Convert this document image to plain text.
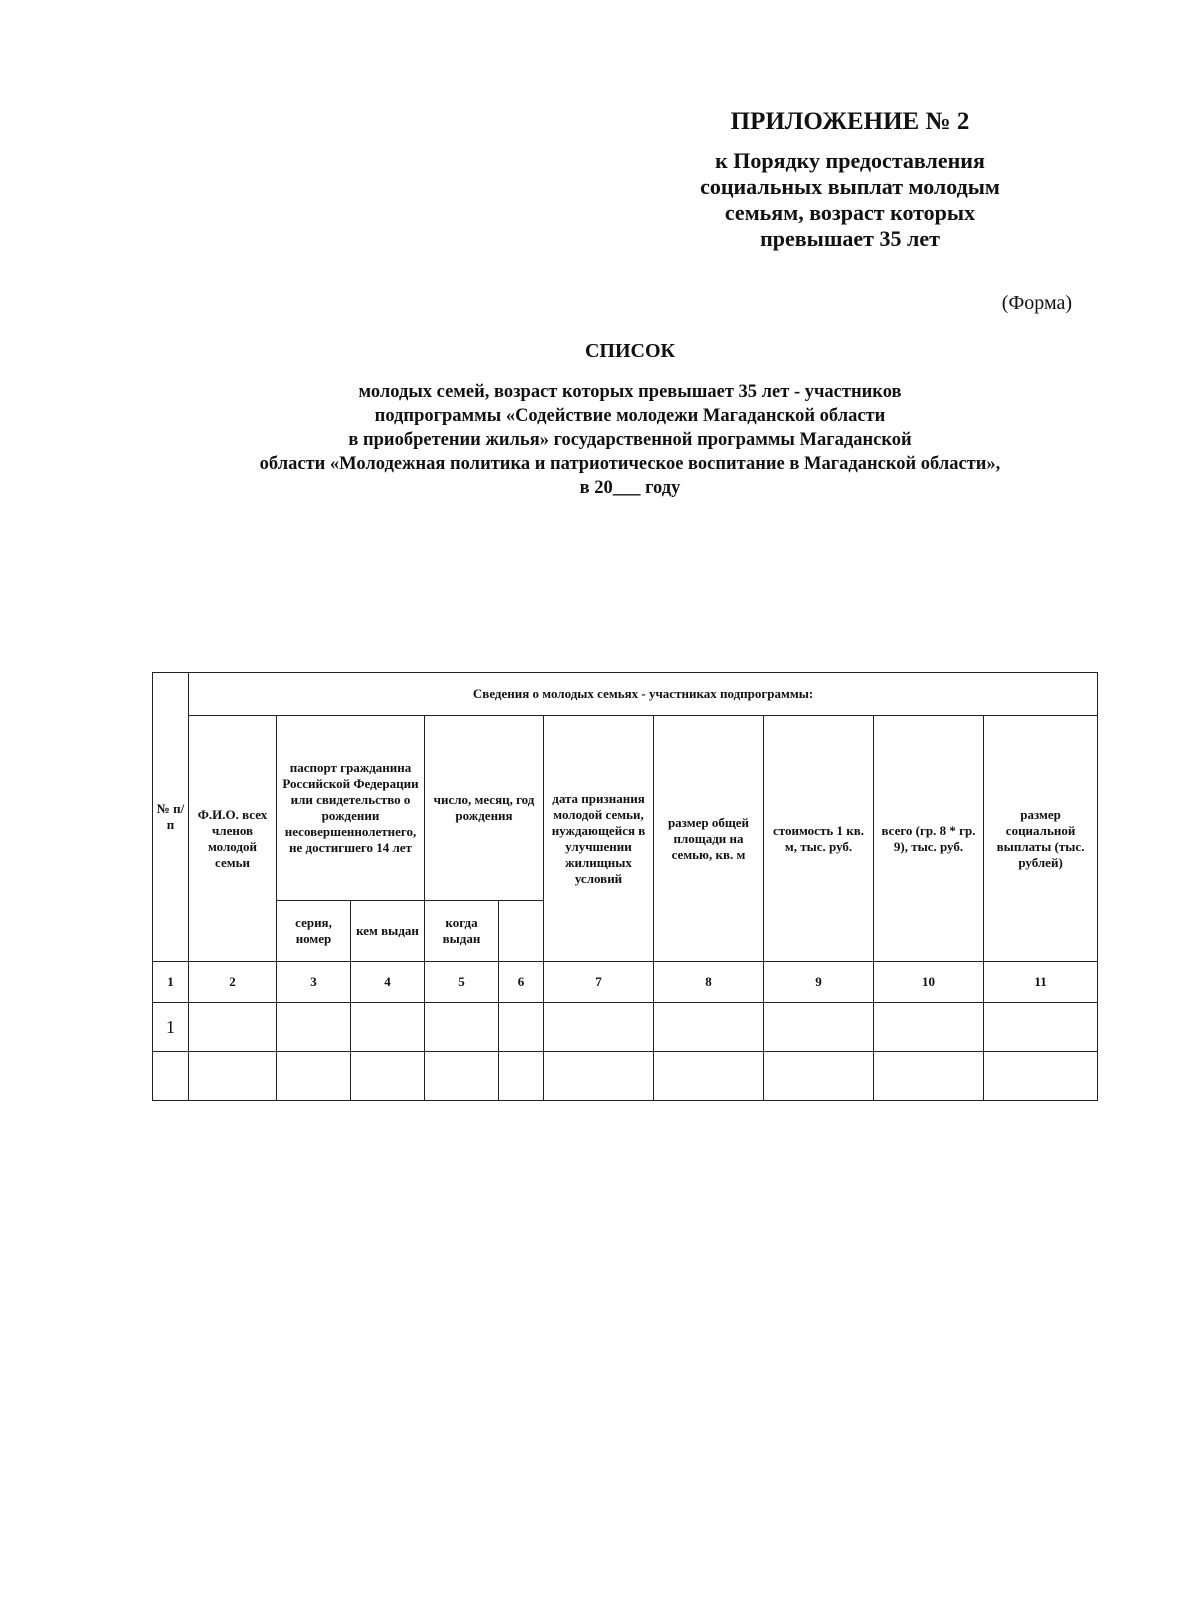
ПРИЛОЖЕНИЕ № 2
к Порядку предоставления
социальных выплат молодым
семьям, возраст которых
превышает 35 лет
(Форма)
СПИСОК
молодых семей, возраст которых превышает 35 лет - участников
подпрограммы «Содействие молодежи Магаданской области
в приобретении жилья» государственной программы Магаданской
области «Молодежная политика и патриотическое воспитание в Магаданской области»,
в 20___ году
№ п/п	Сведения о молодых семьях - участниках подпрограммы:									
	Ф.И.О. всех членов молодой семьи	паспорт гражданина Российской Федерации или свидетельство о рождении несовершеннолетнего, не достигшего 14 лет		число, месяц, год рождения		дата признания молодой семьи, нуждающейся в улучшении жилищных условий	размер общей площади на семью, кв. м	стоимость 1 кв. м, тыс. руб.	всего (гр. 8 * гр. 9), тыс. руб.	размер социальной выплаты (тыс. рублей)
		серия, номер	кем выдан	когда выдан						
1	2	3	4	5	6	7	8	9	10	11
1										
